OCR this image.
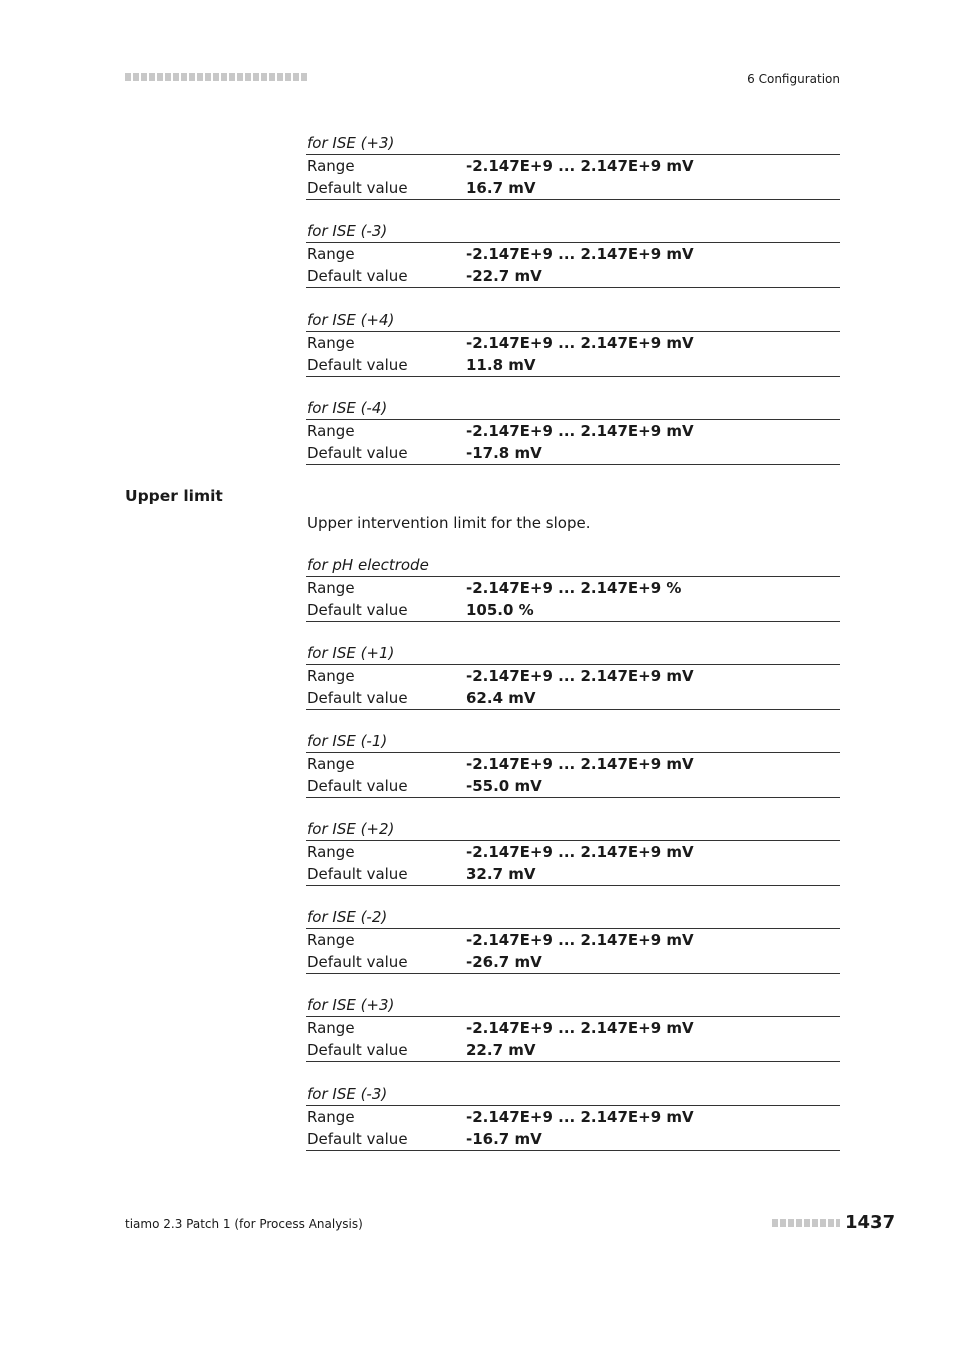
6 Configuration
for ISE (+3)
Range	-2.147E+9 ... 2.147E+9 mV
Default value	16.7 mV
for ISE (-3)
Range	-2.147E+9 ... 2.147E+9 mV
Default value	-22.7 mV
for ISE (+4)
Range	-2.147E+9 ... 2.147E+9 mV
Default value	11.8 mV
for ISE (-4)
Range	-2.147E+9 ... 2.147E+9 mV
Default value	-17.8 mV
Upper limit
Upper intervention limit for the slope.
for pH electrode
Range	-2.147E+9 ... 2.147E+9 %
Default value	105.0 %
for ISE (+1)
Range	-2.147E+9 ... 2.147E+9 mV
Default value	62.4 mV
for ISE (-1)
Range	-2.147E+9 ... 2.147E+9 mV
Default value	-55.0 mV
for ISE (+2)
Range	-2.147E+9 ... 2.147E+9 mV
Default value	32.7 mV
for ISE (-2)
Range	-2.147E+9 ... 2.147E+9 mV
Default value	-26.7 mV
for ISE (+3)
Range	-2.147E+9 ... 2.147E+9 mV
Default value	22.7 mV
for ISE (-3)
Range	-2.147E+9 ... 2.147E+9 mV
Default value	-16.7 mV
tiamo 2.3 Patch 1 (for Process Analysis)	1437
